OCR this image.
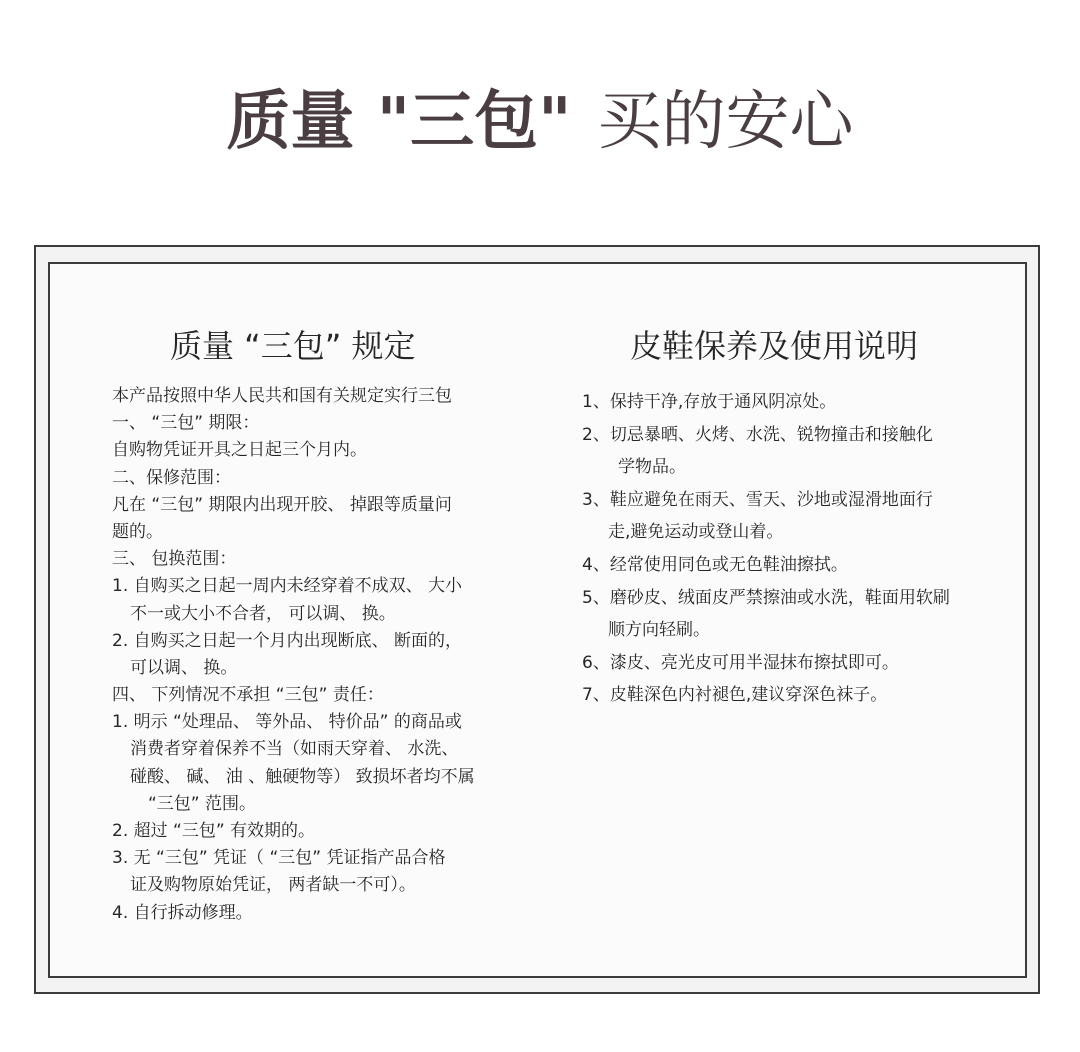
质量 "三包" 买的安心
质量 “三包” 规定
本产品按照中华人民共和国有关规定实行三包
一、 “三包” 期限：
自购物凭证开具之日起三个月内。
二、保修范围：
凡在 “三包” 期限内出现开胶、 掉跟等质量问
题的。
三、 包换范围：
1. 自购买之日起一周内未经穿着不成双、 大小
不一或大小不合者， 可以调、 换。
2. 自购买之日起一个月内出现断底、 断面的，
可以调、 换。
四、 下列情况不承担 “三包” 责任：
1. 明示 “处理品、 等外品、 特价品” 的商品或
消费者穿着保养不当（如雨天穿着、 水洗、
碰酸、 碱、 油 、触硬物等） 致损坏者均不属
“三包” 范围。
2. 超过 “三包” 有效期的。
3. 无 “三包” 凭证（ “三包” 凭证指产品合格
证及购物原始凭证， 两者缺一不可）。
4. 自行拆动修理。
皮鞋保养及使用说明
1、保持干净,存放于通风阴凉处。
2、切忌暴晒、火烤、水洗、锐物撞击和接触化
学物品。
3、鞋应避免在雨天、雪天、沙地或湿滑地面行
走,避免运动或登山着。
4、经常使用同色或无色鞋油擦拭。
5、磨砂皮、绒面皮严禁擦油或水洗，鞋面用软刷
顺方向轻刷。
6、漆皮、亮光皮可用半湿抹布擦拭即可。
7、皮鞋深色内衬褪色,建议穿深色袜子。
